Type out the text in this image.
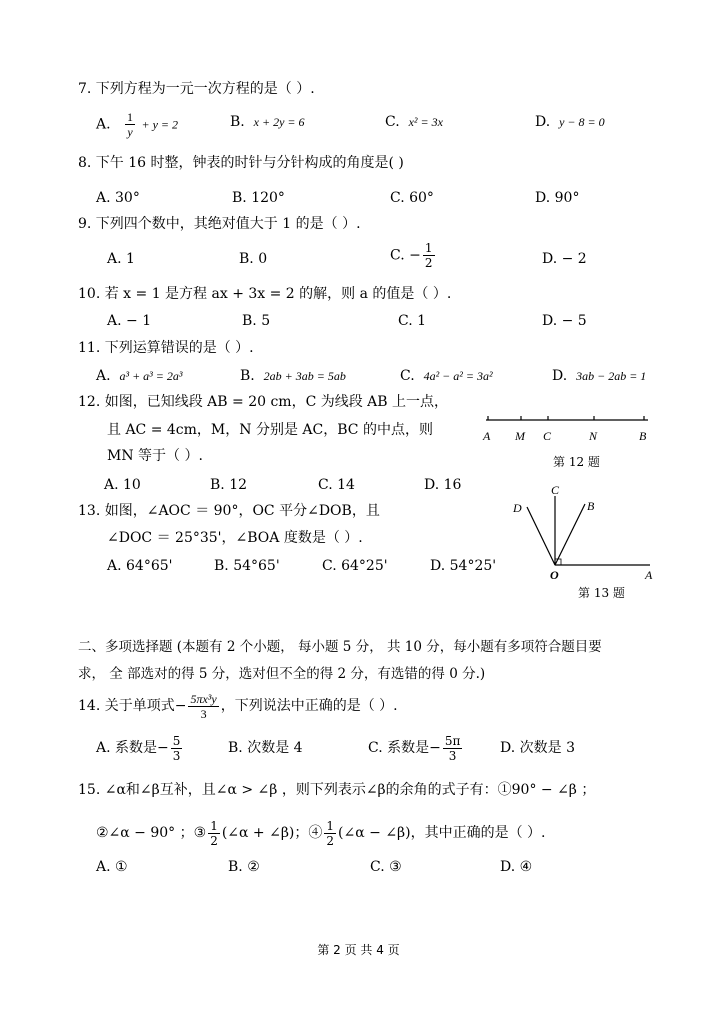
7. 下列方程为一元一次方程的是（ ）.
A. $\frac{1}{y} + y = 2$	B. x + 2y = 6	C. x² = 3x	D. y − 8 = 0
8. 下午 16 时整，钟表的时针与分针构成的角度是( )
A. 30°	B. 120°	C. 60°	D. 90°
9. 下列四个数中，其绝对值大于 1 的是（ ）.
A. 1	B. 0	C. − $\frac{1}{2}$	D. − 2
10. 若 x = 1 是方程 ax + 3x = 2 的解，则 a 的值是（ ）.
A. − 1	B. 5	C. 1	D. − 5
11. 下列运算错误的是（ ）.
A. a³ + a³ = 2a³	B. 2ab + 3ab = 5ab	C. 4a² − a² = 3a²	D. 3ab − 2ab = 1
12. 如图，已知线段 AB = 20 cm，C 为线段 AB 上一点，
且 AC = 4cm，M，N 分别是 AC，BC 的中点，则
MN 等于（ ）.
A. 10	B. 12	C. 14	D. 16
A M C	N	B
第 12 题
13. 如图，∠AOC ＝ 90°，OC 平分∠DOB，且
∠DOC ＝ 25°35'，∠BOA 度数是（ ）.
A. 64°65'	B. 54°65'	C. 64°25'	D. 54°25'
C
D	B
O	A
第 13 题
二、多项选择题 (本题有 2 个小题， 每小题 5 分， 共 10 分，每小题有多项符合题目要
求， 全 部选对的得 5 分，选对但不全的得 2 分，有选错的得 0 分.)
14. 关于单项式− $\frac{\text{5πx³y}}{3}$ ，下列说法中正确的是（ ）.
A. 系数是− $\frac{5}{3}$	B. 次数是 4	C. 系数是− $\frac{5\pi}{3}$	D. 次数是 3
15. ∠α和∠β互补，且∠α > ∠β ，则下列表示∠β的余角的式子有：①90° − ∠β ；
②∠α − 90° ；③ $\frac{1}{2}$ (∠α + ∠β)；④ $\frac{1}{2}$ (∠α − ∠β)，其中正确的是（ ）.
A. ①	B. ②	C. ③	D. ④
第 2 页 共 4 页
